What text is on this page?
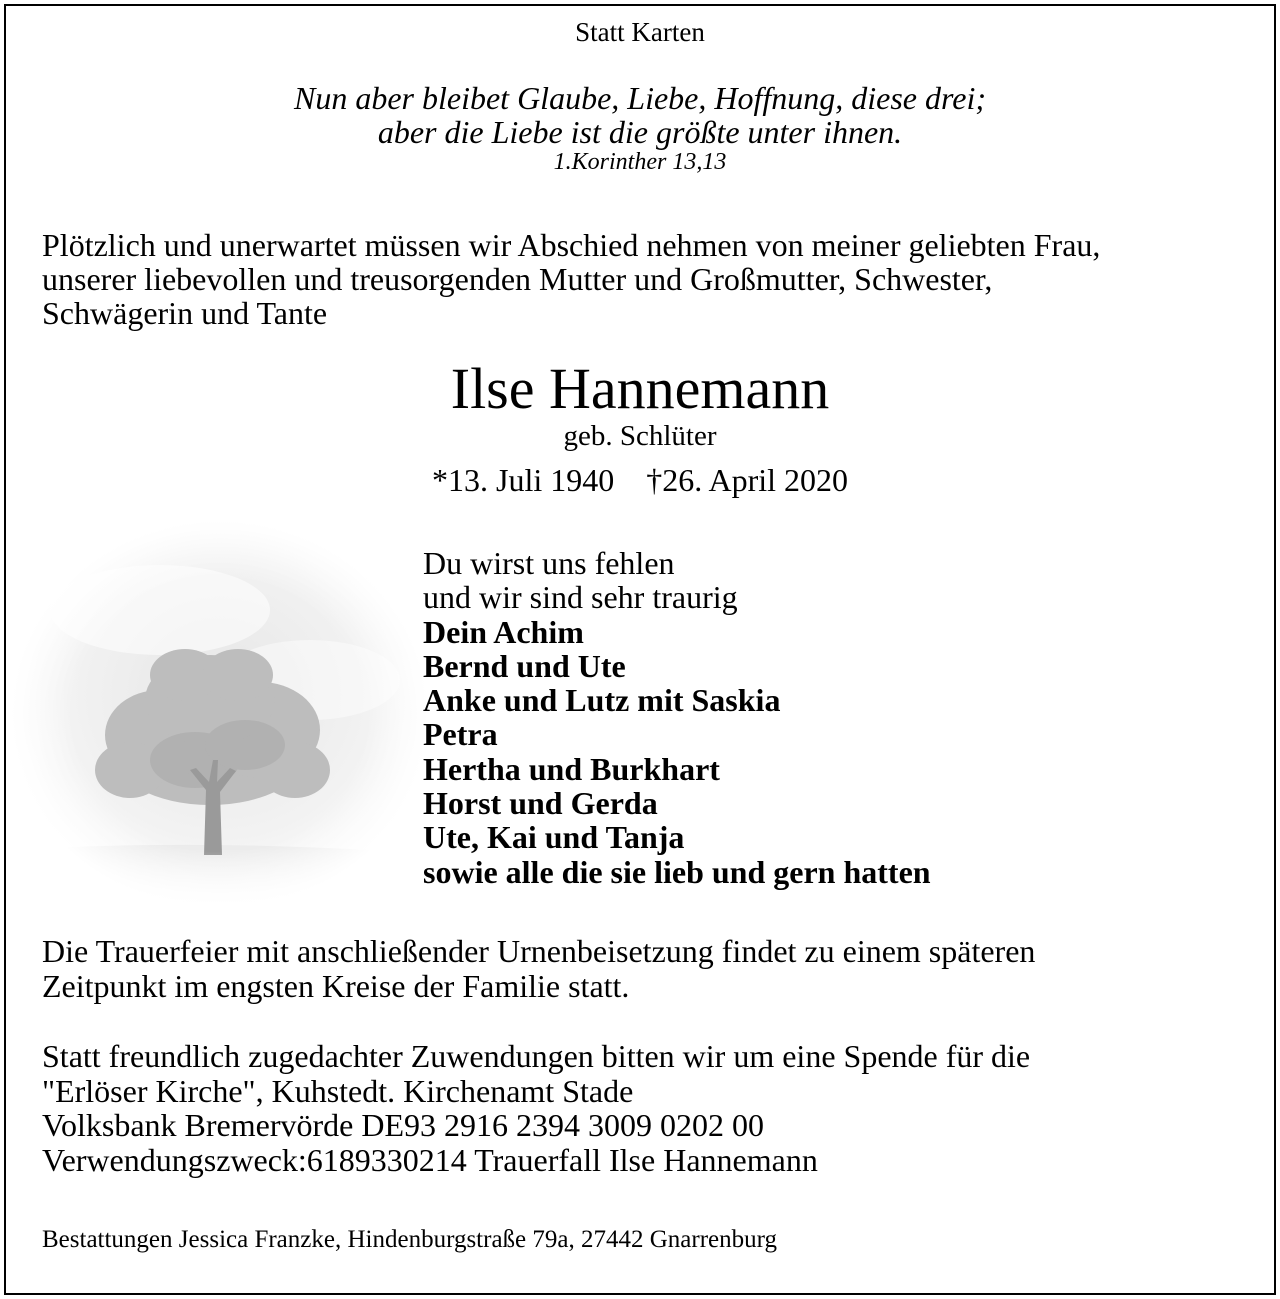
Statt Karten
Nun aber bleibet Glaube, Liebe, Hoffnung, diese drei;
aber die Liebe ist die größte unter ihnen.
1.Korinther 13,13
Plötzlich und unerwartet müssen wir Abschied nehmen von meiner geliebten Frau,
unserer liebevollen und treusorgenden Mutter und Großmutter, Schwester,
Schwägerin und Tante
Ilse Hannemann
geb. Schlüter
*13. Juli 1940 †26. April 2020
Du wirst uns fehlen
und wir sind sehr traurig
Dein Achim
Bernd und Ute
Anke und Lutz mit Saskia
Petra
Hertha und Burkhart
Horst und Gerda
Ute, Kai und Tanja
sowie alle die sie lieb und gern hatten
Die Trauerfeier mit anschließender Urnenbeisetzung findet zu einem späteren
Zeitpunkt im engsten Kreise der Familie statt.
Statt freundlich zugedachter Zuwendungen bitten wir um eine Spende für die
"Erlöser Kirche", Kuhstedt. Kirchenamt Stade
Volksbank Bremervörde DE93 2916 2394 3009 0202 00
Verwendungszweck:6189330214 Trauerfall Ilse Hannemann
Bestattungen Jessica Franzke, Hindenburgstraße 79a, 27442 Gnarrenburg
